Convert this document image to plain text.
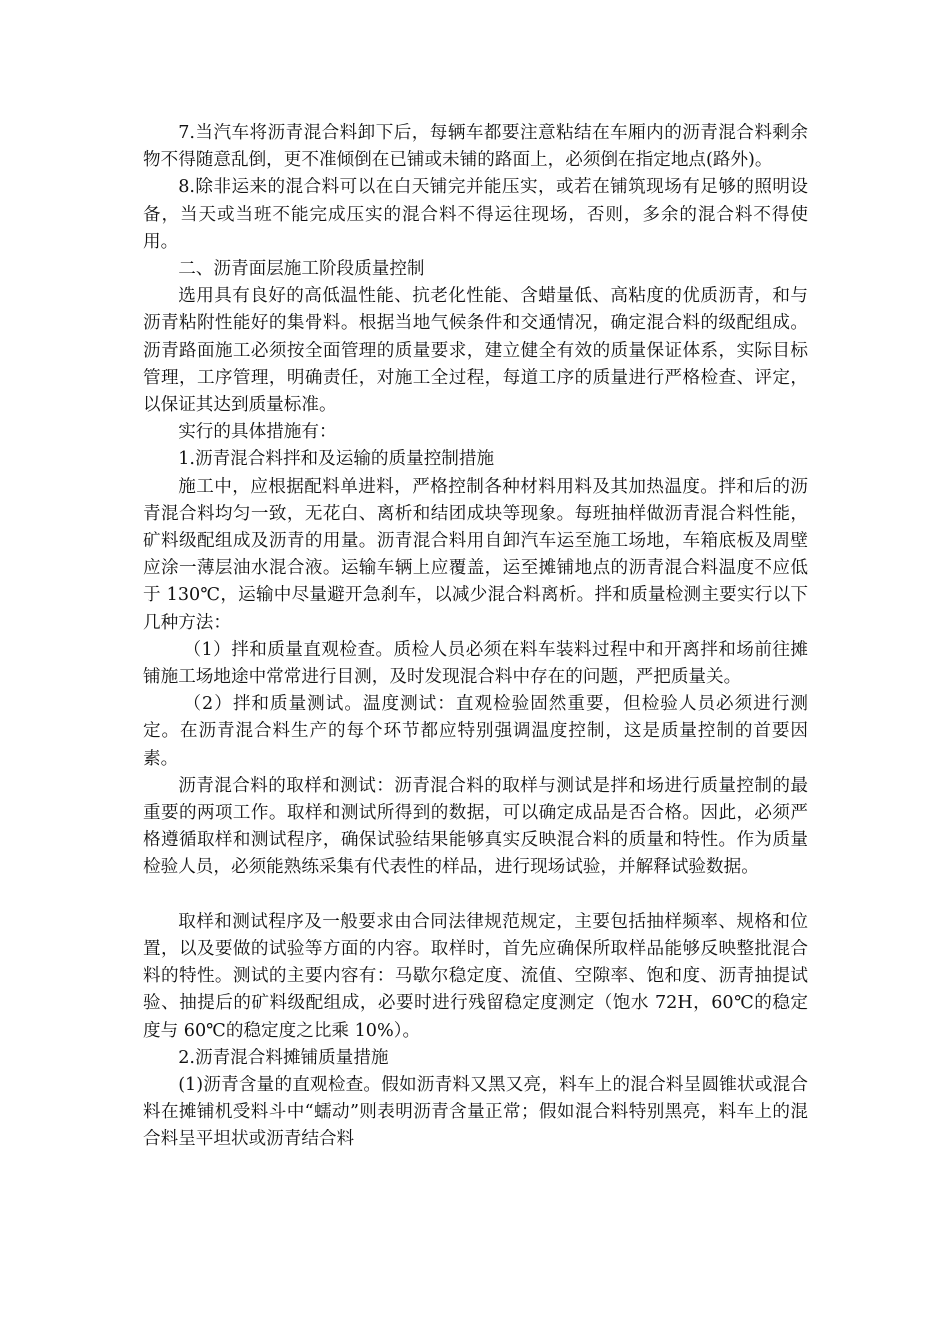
7.当汽车将沥青混合料卸下后，每辆车都要注意粘结在车厢内的沥青混合料剩余物不得随意乱倒，更不准倾倒在已铺或未铺的路面上，必须倒在指定地点(路外)。

8.除非运来的混合料可以在白天铺完并能压实，或若在铺筑现场有足够的照明设备，当天或当班不能完成压实的混合料不得运往现场，否则，多余的混合料不得使用。

二、沥青面层施工阶段质量控制

选用具有良好的高低温性能、抗老化性能、含蜡量低、高粘度的优质沥青，和与沥青粘附性能好的集骨料。根据当地气候条件和交通情况，确定混合料的级配组成。沥青路面施工必须按全面管理的质量要求，建立健全有效的质量保证体系，实际目标管理，工序管理，明确责任，对施工全过程，每道工序的质量进行严格检查、评定，以保证其达到质量标准。

实行的具体措施有：

1.沥青混合料拌和及运输的质量控制措施

施工中，应根据配料单进料，严格控制各种材料用料及其加热温度。拌和后的沥青混合料均匀一致，无花白、离析和结团成块等现象。每班抽样做沥青混合料性能，矿料级配组成及沥青的用量。沥青混合料用自卸汽车运至施工场地，车箱底板及周壁应涂一薄层油水混合液。运输车辆上应覆盖，运至摊铺地点的沥青混合料温度不应低于 130℃，运输中尽量避开急刹车，以减少混合料离析。拌和质量检测主要实行以下几种方法：

（1）拌和质量直观检查。质检人员必须在料车装料过程中和开离拌和场前往摊铺施工场地途中常常进行目测，及时发现混合料中存在的问题，严把质量关。

（2）拌和质量测试。温度测试：直观检验固然重要，但检验人员必须进行测定。在沥青混合料生产的每个环节都应特别强调温度控制，这是质量控制的首要因素。

沥青混合料的取样和测试：沥青混合料的取样与测试是拌和场进行质量控制的最重要的两项工作。取样和测试所得到的数据，可以确定成品是否合格。因此，必须严格遵循取样和测试程序，确保试验结果能够真实反映混合料的质量和特性。作为质量检验人员，必须能熟练采集有代表性的样品，进行现场试验，并解释试验数据。

取样和测试程序及一般要求由合同法律规范规定，主要包括抽样频率、规格和位置，以及要做的试验等方面的内容。取样时，首先应确保所取样品能够反映整批混合料的特性。测试的主要内容有：马歇尔稳定度、流值、空隙率、饱和度、沥青抽提试验、抽提后的矿料级配组成，必要时进行残留稳定度测定（饱水 72H，60℃的稳定度与 60℃的稳定度之比乘 10%）。

2.沥青混合料摊铺质量措施

(1)沥青含量的直观检查。假如沥青料又黑又亮，料车上的混合料呈圆锥状或混合料在摊铺机受料斗中“蠕动”则表明沥青含量正常；假如混合料特别黑亮，料车上的混合料呈平坦状或沥青结合料
